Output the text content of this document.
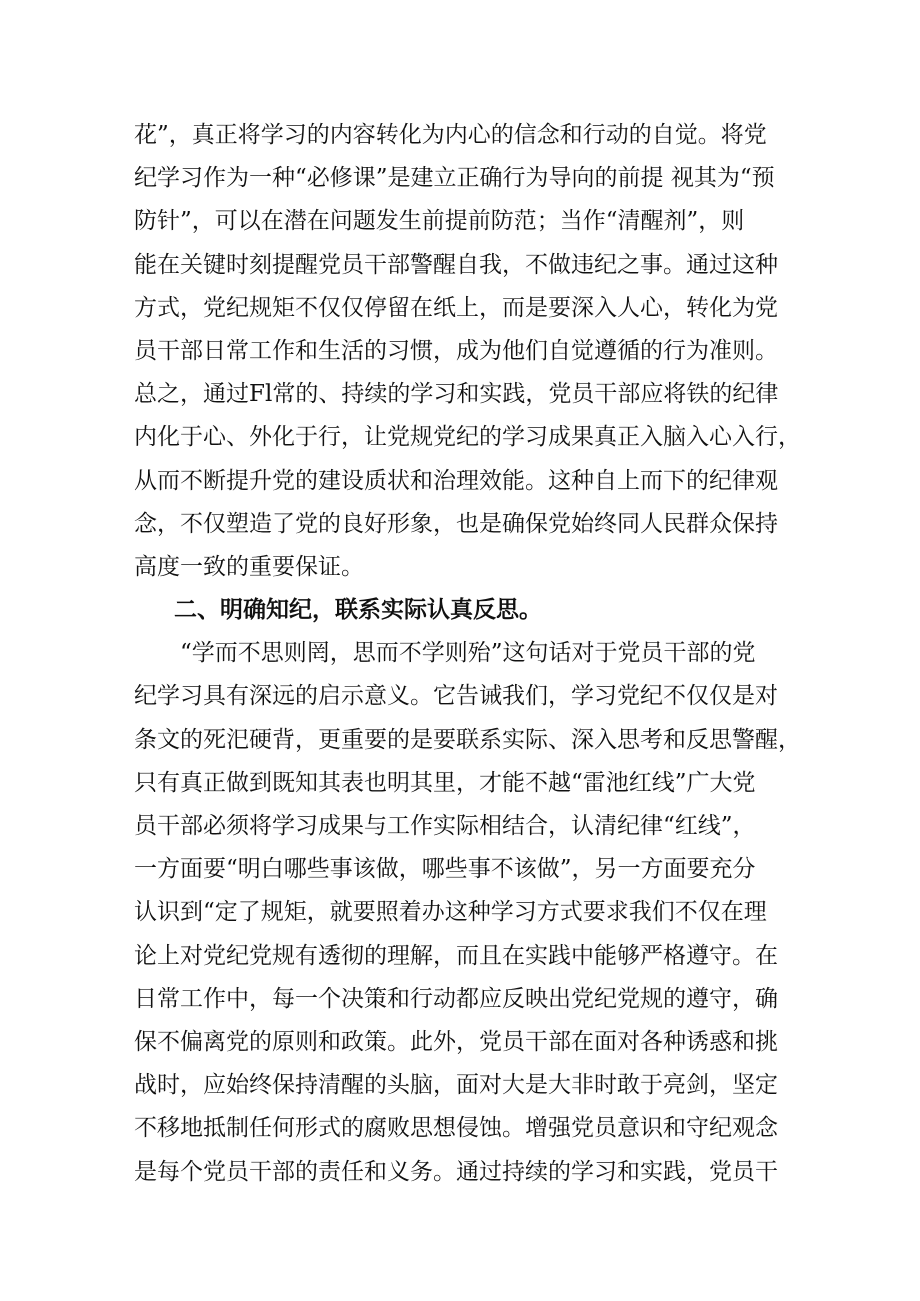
花”，真正将学习的内容转化为内心的信念和行动的自觉。将党
纪学习作为一种“必修课”是建立正确行为导向的前提 视其为“预
防针”，可以在潜在问题发生前提前防范；当作“清醒剂”，则
能在关键时刻提醒党员干部警醒自我，不做违纪之事。通过这种
方式，党纪规矩不仅仅停留在纸上，而是要深入人心，转化为党
员干部日常工作和生活的习惯，成为他们自觉遵循的行为准则。
总之，通过Fl常的、持续的学习和实践，党员干部应将铁的纪律
内化于心、外化于行，让党规党纪的学习成果真正入脑入心入行，
从而不断提升党的建设质状和治理效能。这种自上而下的纪律观
念，不仅塑造了党的良好形象，也是确保党始终同人民群众保持
高度一致的重要保证。
二、明确知纪，联系实际认真反思。
“学而不思则罔，思而不学则殆”这句话对于党员干部的党
纪学习具有深远的启示意义。它告诫我们，学习党纪不仅仅是对
条文的死汜硬背，更重要的是要联系实际、深入思考和反思警醒，
只有真正做到既知其表也明其里，才能不越“雷池红线”广大党
员干部必须将学习成果与工作实际相结合，认清纪律“红线”，
一方面要“明白哪些事该做，哪些事不该做”，另一方面要充分
认识到“定了规矩，就要照着办这种学习方式要求我们不仅在理
论上对党纪党规有透彻的理解，而且在实践中能够严格遵守。在
日常工作中，每一个决策和行动都应反映出党纪党规的遵守，确
保不偏离党的原则和政策。此外，党员干部在面对各种诱惑和挑
战时，应始终保持清醒的头脑，面对大是大非时敢于亮剑，坚定
不移地抵制任何形式的腐败思想侵蚀。增强党员意识和守纪观念
是每个党员干部的责任和义务。通过持续的学习和实践，党员干
